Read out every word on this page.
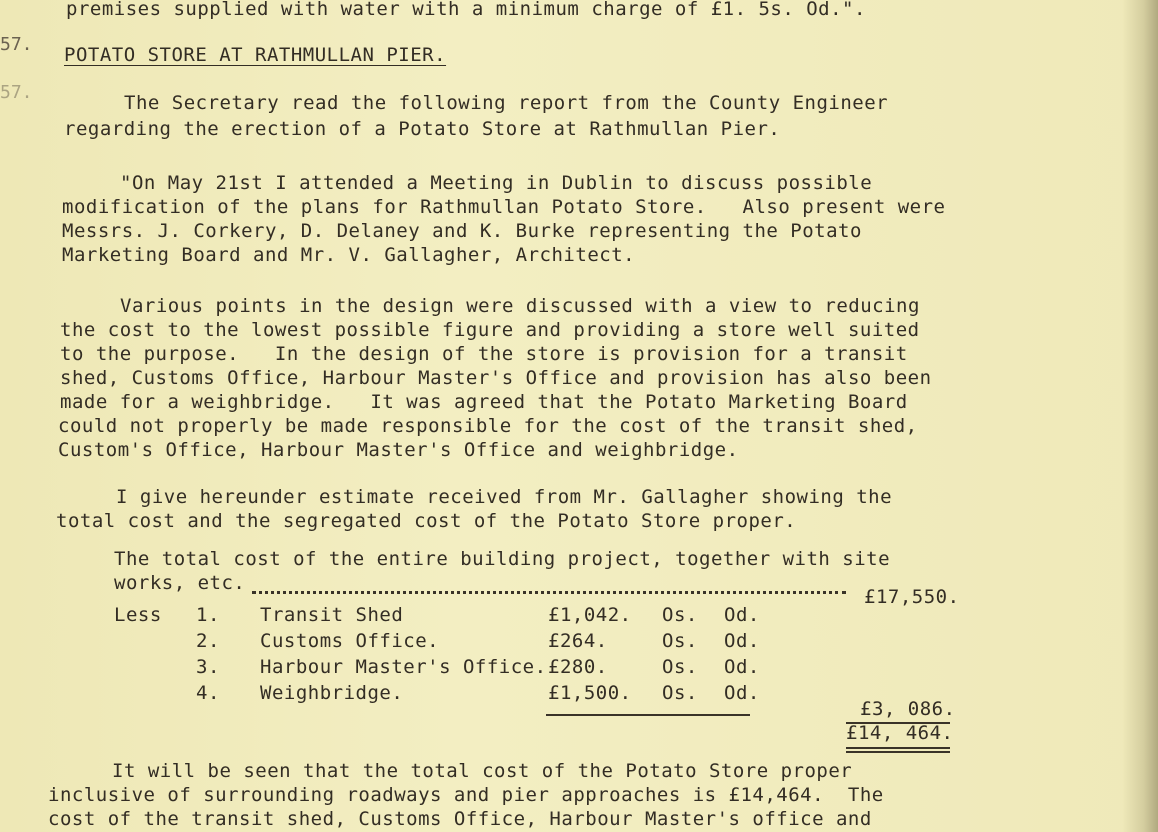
57.
57.
premises supplied with water with a minimum charge of £1. 5s. Od.".
POTATO STORE AT RATHMULLAN PIER.
The Secretary read the following report from the County Engineer
regarding the erection of a Potato Store at Rathmullan Pier.
"On May 21st I attended a Meeting in Dublin to discuss possible
modification of the plans for Rathmullan Potato Store.   Also present were
Messrs. J. Corkery, D. Delaney and K. Burke representing the Potato
Marketing Board and Mr. V. Gallagher, Architect.
Various points in the design were discussed with a view to reducing
the cost to the lowest possible figure and providing a store well suited
to the purpose.   In the design of the store is provision for a transit
shed, Customs Office, Harbour Master's Office and provision has also been
made for a weighbridge.   It was agreed that the Potato Marketing Board
could not properly be made responsible for the cost of the transit shed,
Custom's Office, Harbour Master's Office and weighbridge.
I give hereunder estimate received from Mr. Gallagher showing the
total cost and the segregated cost of the Potato Store proper.
The total cost of the entire building project, together with site
works, etc.
£17,550.
Less 1. Transit Shed	£1,042. Os. Od.
2. Customs Office.	£264.	Os. Od.
3. Harbour Master's Office. £280.	Os. Od.
4. Weighbridge.	£1,500. Os. Od.
£3, 086.
£14, 464.
It will be seen that the total cost of the Potato Store proper
inclusive of surrounding roadways and pier approaches is £14,464.  The
cost of the transit shed, Customs Office, Harbour Master's office and
